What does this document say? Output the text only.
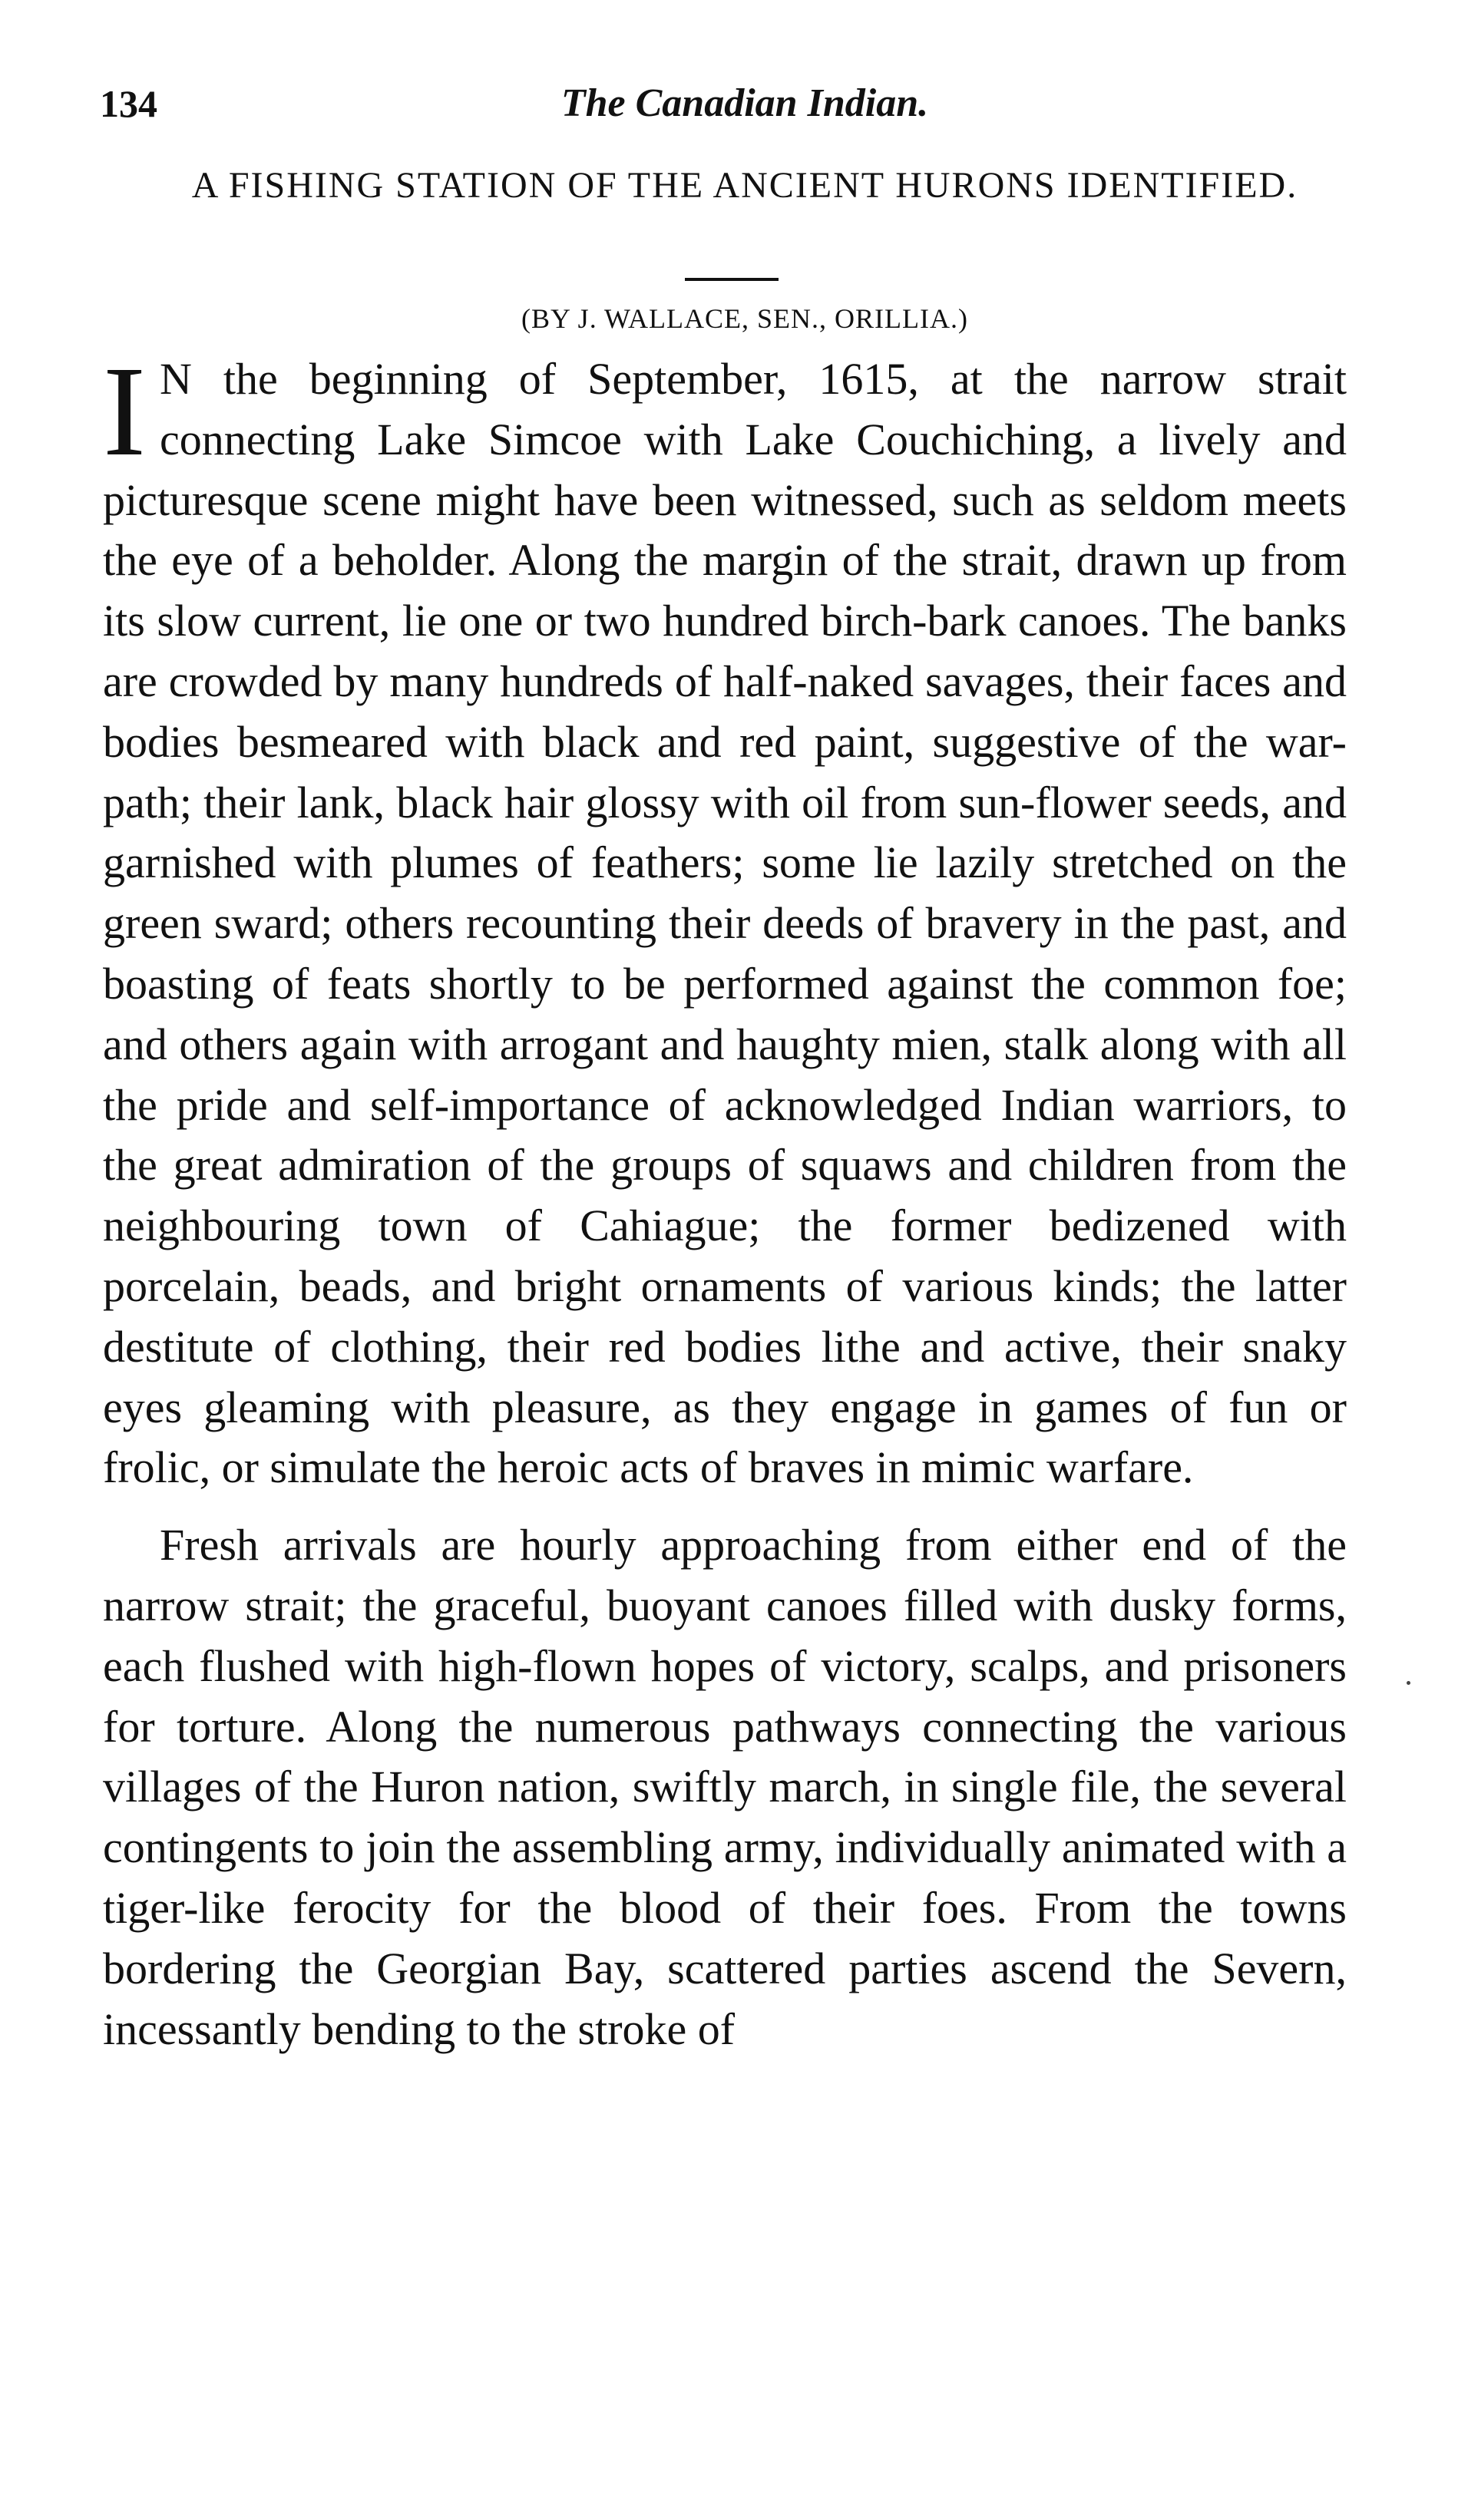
134	The Canadian Indian.
A FISHING STATION OF THE ANCIENT HURONS IDENTIFIED.
(BY J. WALLACE, SEN., ORILLIA.)

I N the beginning of September, 1615, at the narrow strait connecting Lake Simcoe with Lake Couchiching, a lively and picturesque scene might have been witnessed, such as seldom meets the eye of a beholder. Along the margin of the strait, drawn up from its slow current, lie one or two hundred birch-bark canoes. The banks are crowded by many hundreds of half-naked savages, their faces and bodies besmeared with black and red paint, suggestive of the war-path; their lank, black hair glossy with oil from sun-flower seeds, and garnished with plumes of feathers; some lie lazily stretched on the green sward; others recounting their deeds of bravery in the past, and boasting of feats shortly to be performed against the common foe; and others again with arrogant and haughty mien, stalk along with all the pride and self-importance of acknowledged Indian warriors, to the great admiration of the groups of squaws and children from the neighbouring town of Cahiague; the former bedizened with porcelain, beads, and bright ornaments of various kinds; the latter destitute of clothing, their red bodies lithe and active, their snaky eyes gleaming with pleasure, as they engage in games of fun or frolic, or simulate the heroic acts of braves in mimic warfare.

Fresh arrivals are hourly approaching from either end of the narrow strait; the graceful, buoyant canoes filled with dusky forms, each flushed with high-flown hopes of victory, scalps, and prisoners for torture. Along the numerous pathways connecting the various villages of the Huron nation, swiftly march, in single file, the several contingents to join the assembling army, individually animated with a tiger-like ferocity for the blood of their foes. From the towns bordering the Georgian Bay, scattered parties ascend the Severn, incessantly bending to the stroke of
